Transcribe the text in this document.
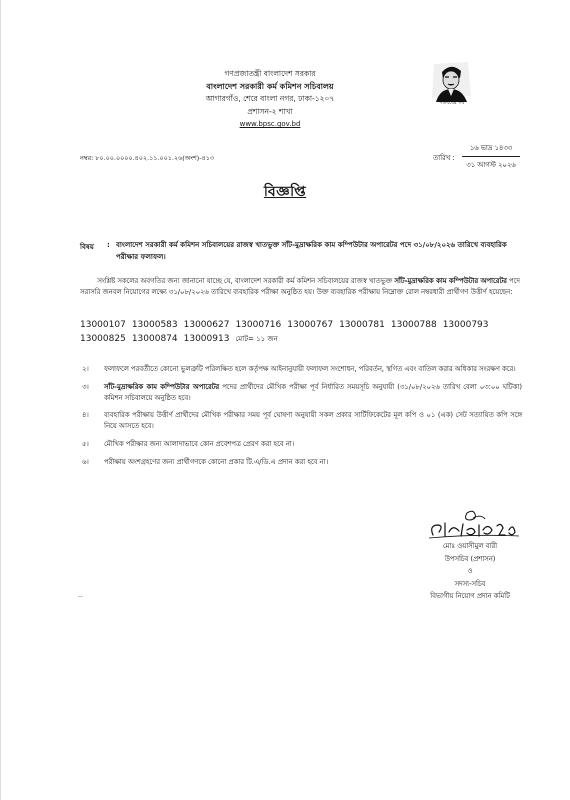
গণপ্রজাতন্ত্রী বাংলাদেশ সরকার
বাংলাদেশ সরকারী কর্ম কমিশন সচিবালয়
আগারগাঁও, শেরে বাংলা নগর, ঢাকা-১২০৭
প্রশাসন-২ শাখা
www.bpsc.gov.bd
শতবর্ষের গর্ব
নম্বর: ৮০.০০.০০০০.৪০২.১১.০০১.২৬(অংশ)-৪১৩	তারিখ :
১৬ ভাদ্র ১৪৩৩
৩১ আগস্ট ২০২৬
বিজ্ঞপ্তি
বিষয় : বাংলাদেশ সরকারী কর্ম কমিশন সচিবালয়ের রাজস্ব খাতভুক্ত সাঁট-মুদ্রাক্ষরিক কাম কম্পিউটার অপারেটর পদে ৩১/০৮/২০২৬ তারিখে ব্যবহারিক পরীক্ষার ফলাফল।
সংশ্লিষ্ট সকলের অবগতির জন্য জানানো যাচ্ছে যে, বাংলাদেশ সরকারী কর্ম কমিশন সচিবালয়ের রাজস্ব খাতভুক্ত সাঁট-মুদ্রাক্ষরিক কাম কম্পিউটার অপারেটর পদে সরাসরি জনবল নিয়োগের লক্ষ্যে ৩১/০৮/২০২৬ তারিখে ব্যবহারিক পরীক্ষা অনুষ্ঠিত হয়। উক্ত ব্যবহারিক পরীক্ষায় নিম্নোক্ত রোল নম্বরধারী প্রার্থীগণ উত্তীর্ণ হয়েছেন:
13000107 13000583 13000627 13000716 13000767 13000781 13000788 13000793
13000825 13000874 13000913 মোট= ১১ জন
২। ফলাফলে পরবর্তীতে কোনো ভুলত্রুটি পরিলক্ষিত হলে কর্তৃপক্ষ আইনানুযায়ী ফলাফল সংশোধন, পরিবর্তন, স্থগিত এবং বাতিল করার অধিকার সংরক্ষণ করে।
৩। সাঁট-মুদ্রাক্ষরিক কাম কম্পিউটার অপারেটর পদের প্রার্থীদের মৌখিক পরীক্ষা পূর্ব নির্ধারিত সময়সূচি অনুযায়ী (৩১/০৮/২০২৬ তারিখ বেলা ০৩:০০ ঘটিকা) কমিশন সচিবালয়ে অনুষ্ঠিত হবে।
৪। ব্যবহারিক পরীক্ষায় উত্তীর্ণ প্রার্থীদের মৌখিক পরীক্ষার সময় পূর্ব ঘোষণা অনুযায়ী সকল প্রকার সার্টিফিকেটের মূল কপি ও ০১ (এক) সেট সত্যায়িত কপি সঙ্গে নিয়ে আসতে হবে।
৫। মৌখিক পরীক্ষার জন্য আলাদাভাবে কোন প্রবেশপত্র প্রেরণ করা হবে না।
৬। পরীক্ষায় অংশগ্রহণের জন্য প্রার্থীগণকে কোনো প্রকার টি.এ/ডি.এ প্রদান করা হবে না।
মোঃ ওয়াসীমুল বারী
উপসচিব (প্রশাসন)
ও
সদস্য-সচিব
বিভাগীয় নিয়োগ প্রদান কমিটি
